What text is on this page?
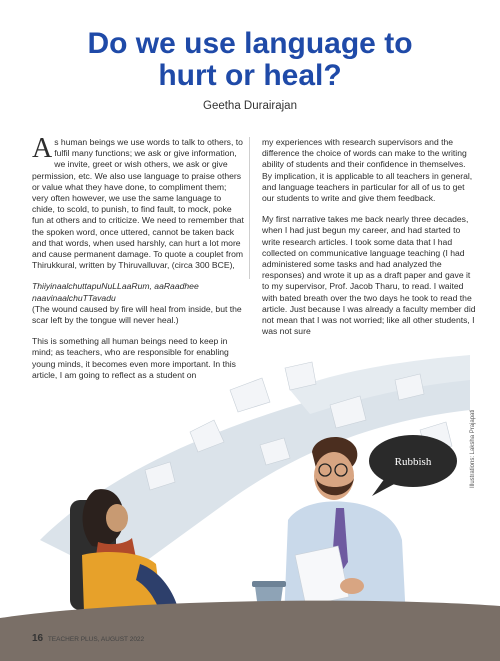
Do we use language to
hurt or heal?
Geetha Durairajan

As human beings we use words to talk to others, to fulfil many functions; we ask or give information, we invite, greet or wish others, we ask or give permission, etc. We also use language to praise others or value what they have done, to compliment them; very often however, we use the same language to chide, to scold, to punish, to find fault, to mock, poke fun at others and to criticize. We need to remember that the spoken word, once uttered, cannot be taken back and that words, when used harshly, can hurt a lot more and cause permanent damage. To quote a couplet from Thirukkural, written by Thiruvalluvar, (circa 300 BCE),

ThiiyinaalchuttapuNuLLaaRum, aaRaadhee
naavinaalchuTTavadu

(The wound caused by fire will heal from inside, but the scar left by the tongue will never heal.)

This is something all human beings need to keep in mind; as teachers, who are responsible for enabling young minds, it becomes even more important. In this article, I am going to reflect as a student on

my experiences with research supervisors and the difference the choice of words can make to the writing ability of students and their confidence in themselves. By implication, it is applicable to all teachers in general, and language teachers in particular for all of us to get our students to write and give them feedback.

My first narrative takes me back nearly three decades, when I had just begun my career, and had started to write research articles. I took some data that I had collected on communicative language teaching (I had administered some tasks and had analyzed the responses) and wrote it up as a draft paper and gave it to my supervisor, Prof. Jacob Tharu, to read. I waited with bated breath over the two days he took to read the article. Just because I was already a faculty member did not mean that I was not worried; like all other students, I was not sure

Rubbish	Illustrations: Laksha Prajapati
16 TEACHER PLUS, AUGUST 2022
